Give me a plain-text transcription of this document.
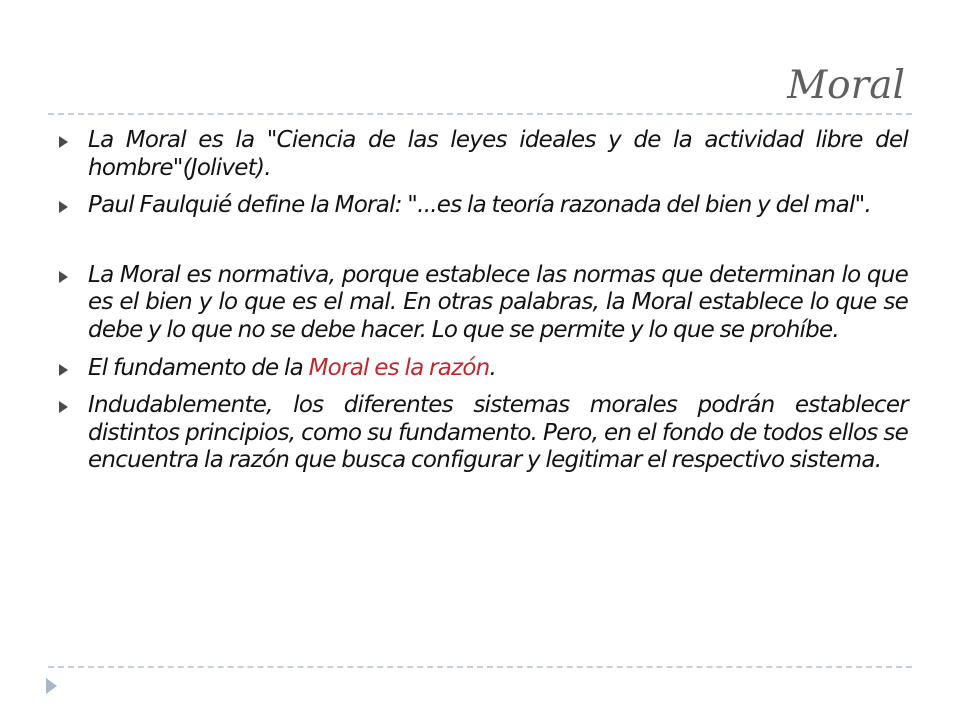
Moral
La Moral es la "Ciencia de las leyes ideales y de la actividad libre del hombre"(Jolivet).
Paul Faulquié define la Moral: "...es la teoría razonada del bien y del mal".
La Moral es normativa, porque establece las normas que determinan lo que es el bien y lo que es el mal. En otras palabras, la Moral establece lo que se debe y lo que no se debe hacer. Lo que se permite y lo que se prohíbe.
El fundamento de la Moral es la razón.
Indudablemente, los diferentes sistemas morales podrán establecer distintos principios, como su fundamento. Pero, en el fondo de todos ellos se encuentra la razón que busca configurar y legitimar el respectivo sistema.
